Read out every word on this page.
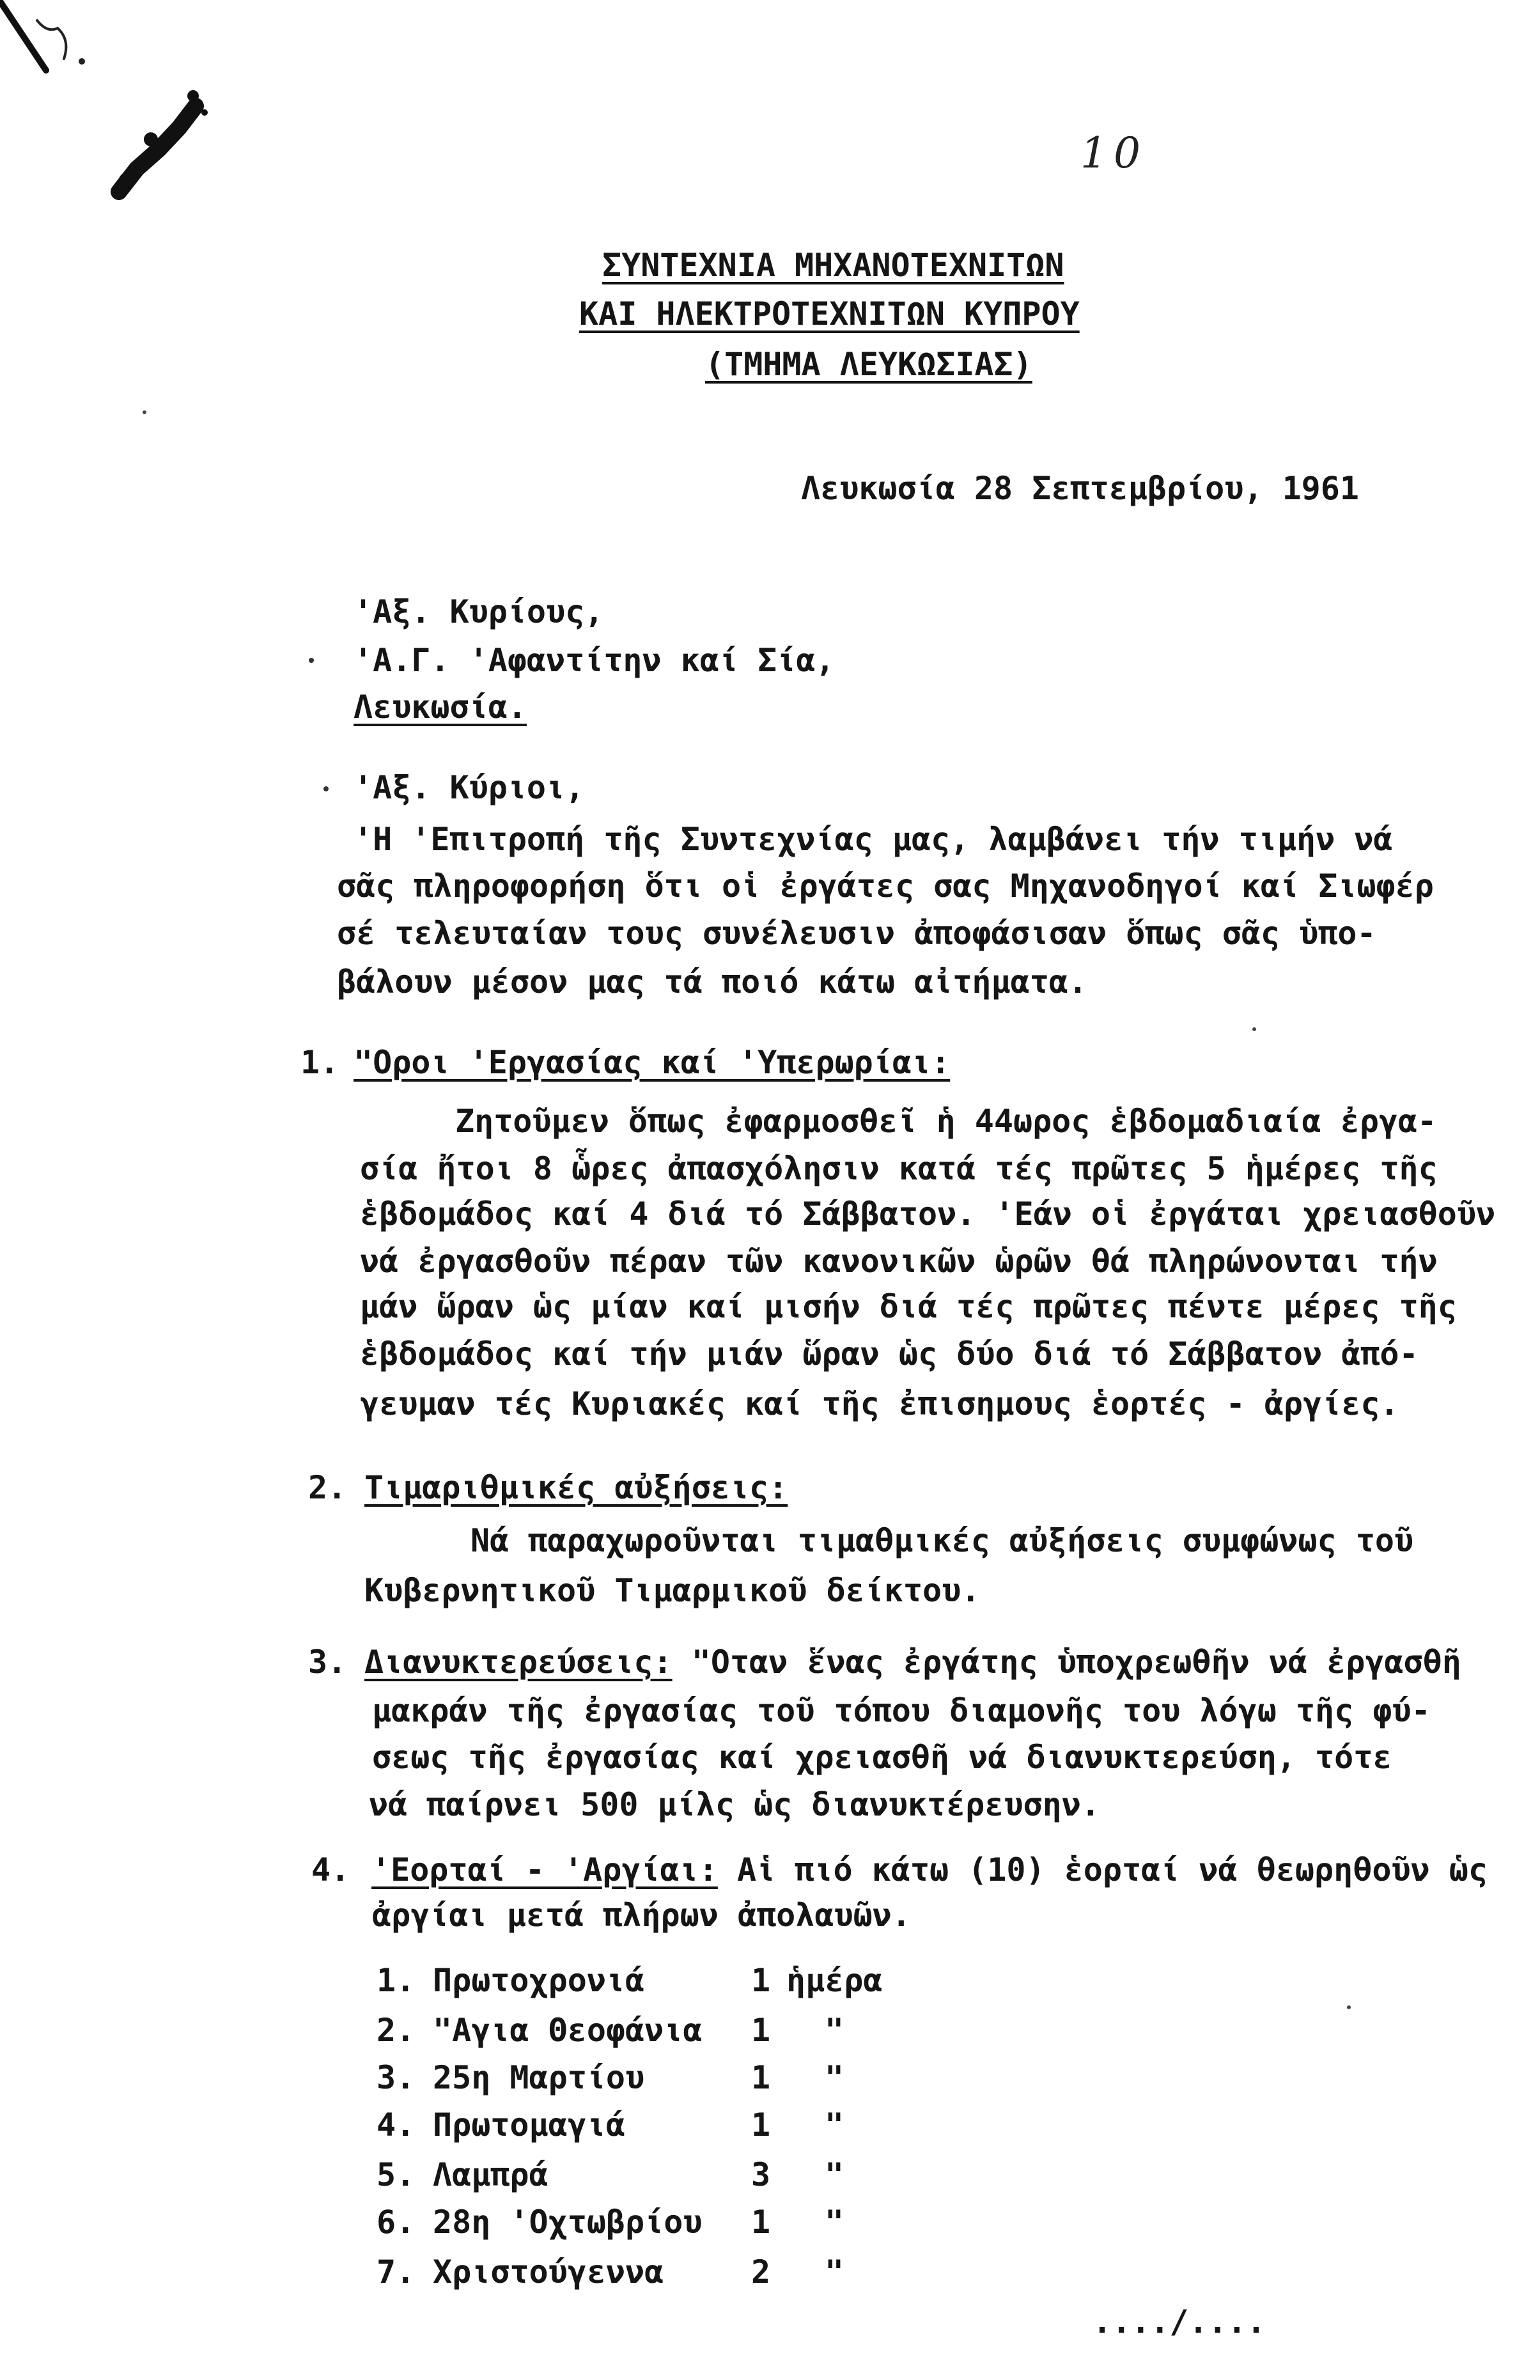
10
ΣΥΝΤΕΧΝΙΑ ΜΗΧΑΝΟΤΕΧΝΙΤΩΝ
ΚΑΙ ΗΛΕΚΤΡΟΤΕΧΝΙΤΩΝ ΚΥΠΡΟΥ
(ΤΜΗΜΑ ΛΕΥΚΩΣΙΑΣ)
Λευκωσία 28 Σεπτεμβρίου, 1961
'Αξ. Κυρίους,
'Α.Γ. 'Αφαντίτην καί Σία,
Λευκωσία.
'Αξ. Κύριοι,
'Η 'Επιτροπή τῆς Συντεχνίας μας, λαμβάνει τήν τιμήν νά
σᾶς πληροφορήση ὅτι οἱ ἐργάτες σας Μηχανοδηγοί καί Σιωφέρ
σέ τελευταίαν τους συνέλευσιν ἀποφάσισαν ὅπως σᾶς ὑπο-
βάλουν μέσον μας τά ποιό κάτω αἰτήματα.
1. "Οροι 'Εργασίας καί 'Υπερωρίαι:
Ζητοῦμεν ὅπως ἐφαρμοσθεῖ ἡ 44ωρος ἑβδομαδιαία ἐργα-
σία ἤτοι 8 ὧρες ἀπασχόλησιν κατά τές πρῶτες 5 ἡμέρες τῆς
ἑβδομάδος καί 4 διά τό Σάββατον. 'Εάν οἱ ἐργάται χρειασθοῦν
νά ἐργασθοῦν πέραν τῶν κανονικῶν ὡρῶν θά πληρώνονται τήν
μάν ὥραν ὡς μίαν καί μισήν διά τές πρῶτες πέντε μέρες τῆς
ἑβδομάδος καί τήν μιάν ὥραν ὡς δύο διά τό Σάββατον ἀπό-
γευμαν τές Κυριακές καί τῆς ἐπισημους ἑορτές - ἀργίες.
2. Τιμαριθμικές αὐξήσεις:
Νά παραχωροῦνται τιμαθμικές αὐξήσεις συμφώνως τοῦ
Κυβερνητικοῦ Τιμαρμικοῦ δείκτου.
3. Διανυκτερεύσεις: "Οταν ἕνας ἐργάτης ὑποχρεωθῆν νά ἐργασθῆ
μακράν τῆς ἐργασίας τοῦ τόπου διαμονῆς του λόγω τῆς φύ-
σεως τῆς ἐργασίας καί χρειασθῆ νά διανυκτερεύση, τότε
νά παίρνει 500 μίλς ὡς διανυκτέρευσην.
4. 'Εορταί - 'Αργίαι: Αἱ πιό κάτω (10) ἑορταί νά θεωρηθοῦν ὡς
ἀργίαι μετά πλήρων ἀπολαυῶν.
1. Πρωτοχρονιά	1 ἡμέρα
2. "Αγια Θεοφάνια 1	"
3. 25η Μαρτίου	1	"
4. Πρωτομαγιά	1	"
5. Λαμπρά	3	"
6. 28η 'Οχτωβρίου 1	"
7. Χριστούγεννα	2	"
..../....
